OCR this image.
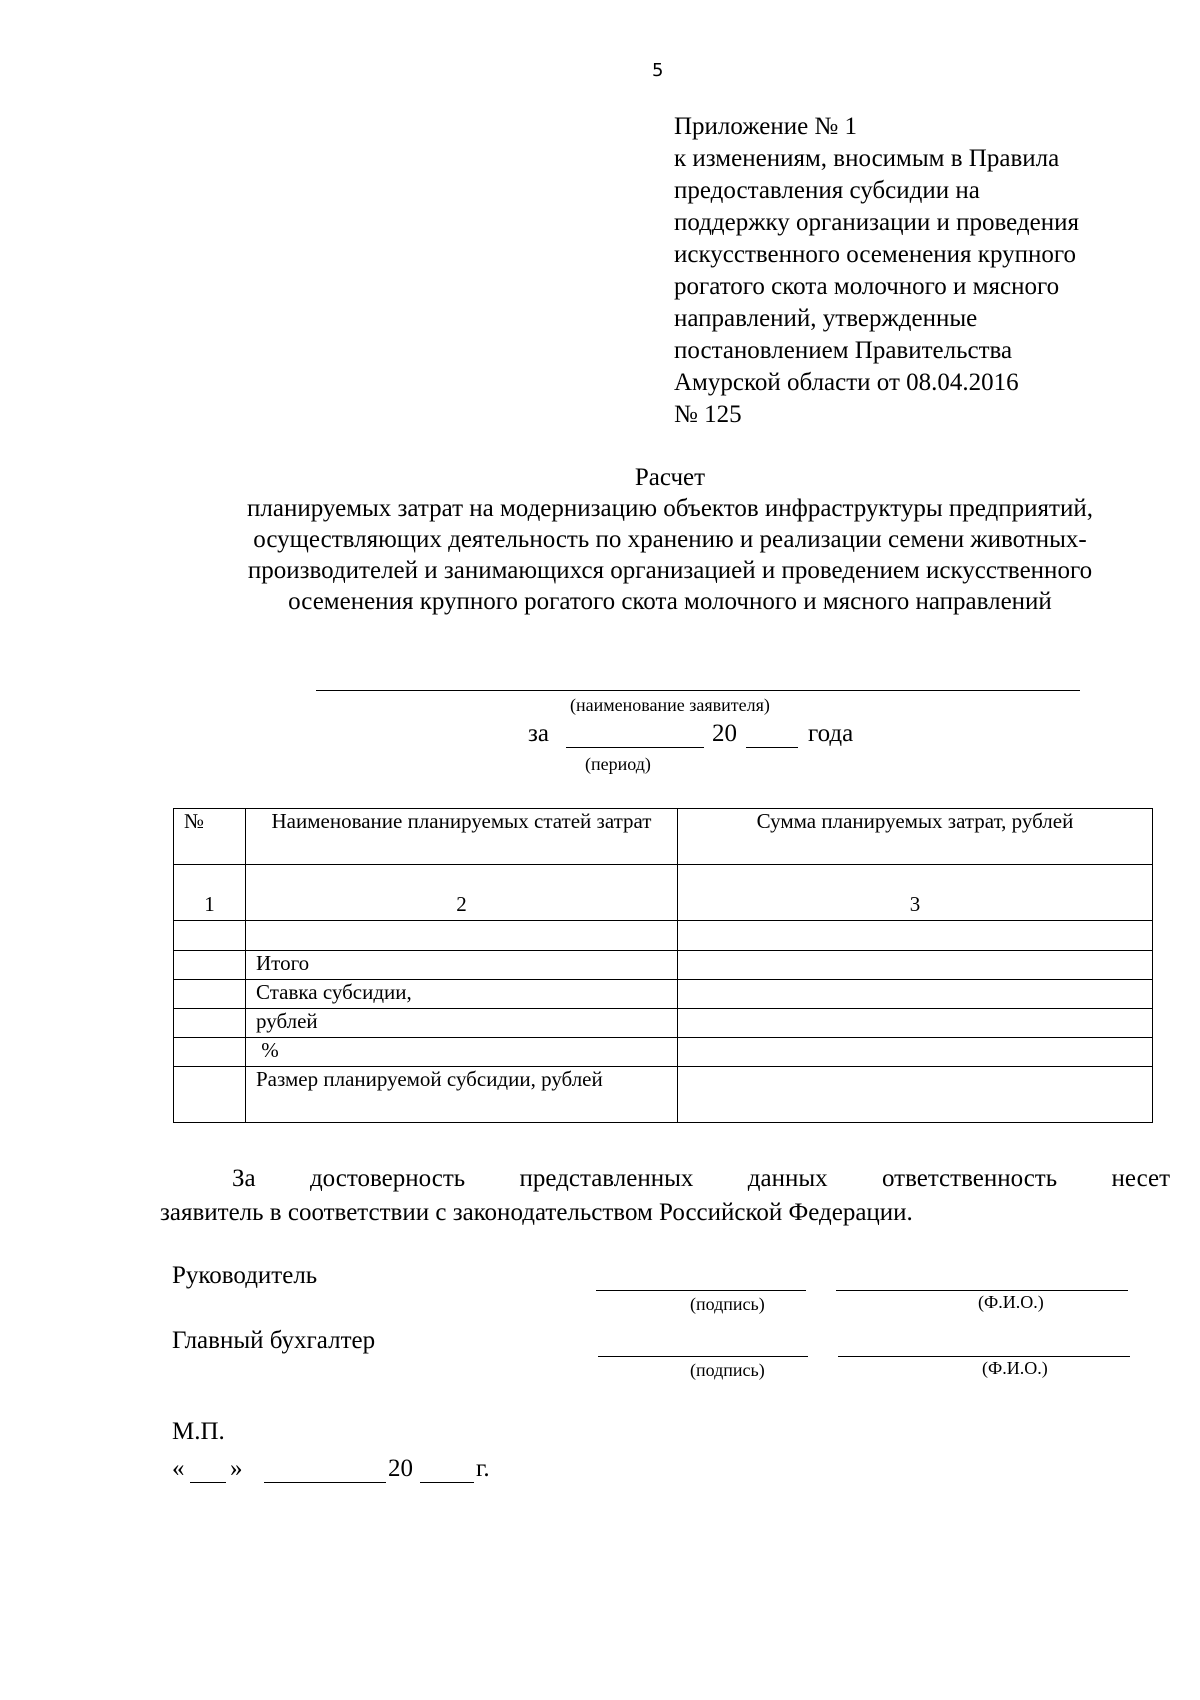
5
Приложение № 1
к изменениям, вносимым в Правила
предоставления субсидии на
поддержку организации и проведения
искусственного осеменения крупного
рогатого скота молочного и мясного
направлений, утвержденные
постановлением Правительства
Амурской области от 08.04.2016
№ 125
Расчет
планируемых затрат на модернизацию объектов инфраструктуры предприятий,
осуществляющих деятельность по хранению и реализации семени животных-
производителей и занимающихся организацией и проведением искусственного
осеменения крупного рогатого скота молочного и мясного направлений
(наименование заявителя)
за	20	года
(период)
№	Наименование планируемых статей затрат	Сумма планируемых затрат, рублей
1	2	3

	Итого	
	Ставка субсидии,	
	рублей	
	%	
	Размер планируемой субсидии, рублей	
За достоверность представленных данных ответственность несет
заявитель в соответствии с законодательством Российской Федерации.
Руководитель
(подпись)	(Ф.И.О.)
Главный бухгалтер
(подпись)	(Ф.И.О.)
М.П.
« »	20	г.
